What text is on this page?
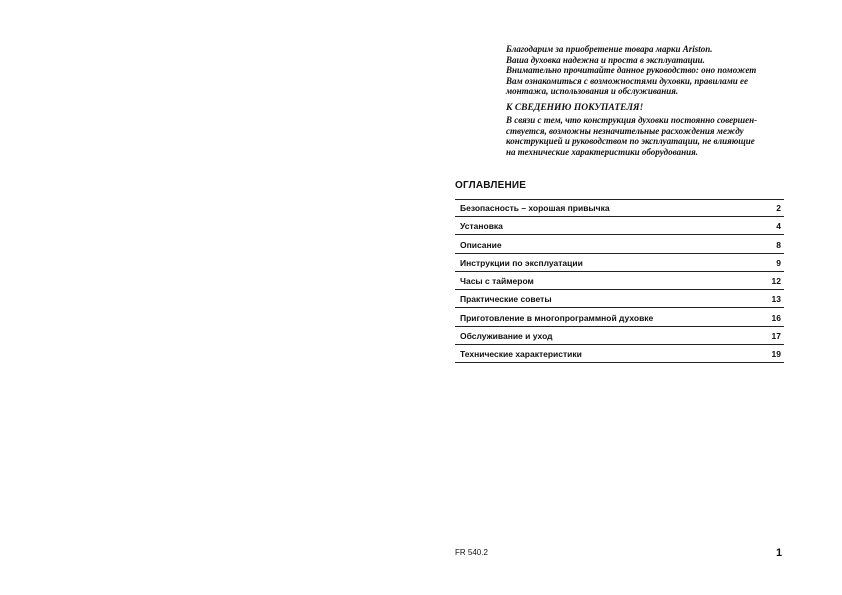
Благодарим за приобретение товара марки Ariston.
Ваша духовка надежна и проста в эксплуатации.
Внимательно прочитайте данное руководство: оно поможет
Вам ознакомиться с возможностями духовки, правилами ее
монтажа, использования и обслуживания.
К СВЕДЕНИЮ ПОКУПАТЕЛЯ!
В связи с тем, что конструкция духовки постоянно совершен-
ствуется, возможны незначительные расхождения между
конструкцией и руководством по эксплуатации, не влияющие
на технические характеристики оборудования.
ОГЛАВЛЕНИЕ
Безопасность – хорошая привычка	2
Установка	4
Описание	8
Инструкции по эксплуатации	9
Часы с таймером	12
Практические советы	13
Приготовление в многопрограммной духовке	16
Обслуживание и уход	17
Технические характеристики	19
FR 540.2	1
